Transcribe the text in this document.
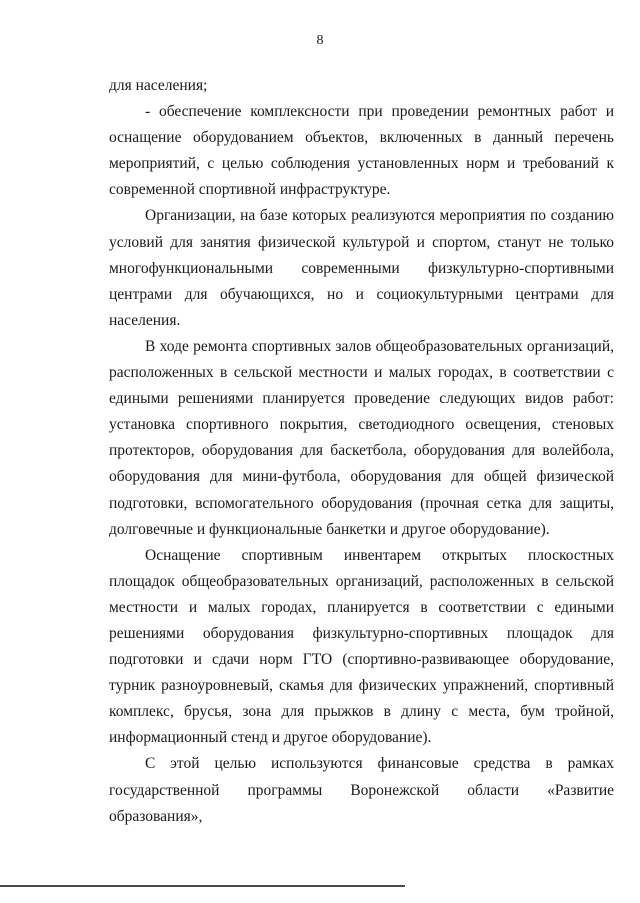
8

для населения;

- обеспечение комплексности при проведении ремонтных работ и оснащение оборудованием объектов, включенных в данный перечень мероприятий, с целью соблюдения установленных норм и требований к современной спортивной инфраструктуре.

Организации, на базе которых реализуются мероприятия по созданию условий для занятия физической культурой и спортом, станут не только многофункциональными современными физкультурно-спортивными центрами для обучающихся, но и социокультурными центрами для населения.

В ходе ремонта спортивных залов общеобразовательных организаций, расположенных в сельской местности и малых городах, в соответствии с едиными решениями планируется проведение следующих видов работ: установка спортивного покрытия, светодиодного освещения, стеновых протекторов, оборудования для баскетбола, оборудования для волейбола, оборудования для мини-футбола, оборудования для общей физической подготовки, вспомогательного оборудования (прочная сетка для защиты, долговечные и функциональные банкетки и другое оборудование).

Оснащение спортивным инвентарем открытых плоскостных площадок общеобразовательных организаций, расположенных в сельской местности и малых городах, планируется в соответствии с едиными решениями оборудования физкультурно-спортивных площадок для подготовки и сдачи норм ГТО (спортивно-развивающее оборудование, турник разноуровневый, скамья для физических упражнений, спортивный комплекс, брусья, зона для прыжков в длину с места, бум тройной, информационный стенд и другое оборудование).

С этой целью используются финансовые средства в рамках государственной программы Воронежской области «Развитие образования»,
